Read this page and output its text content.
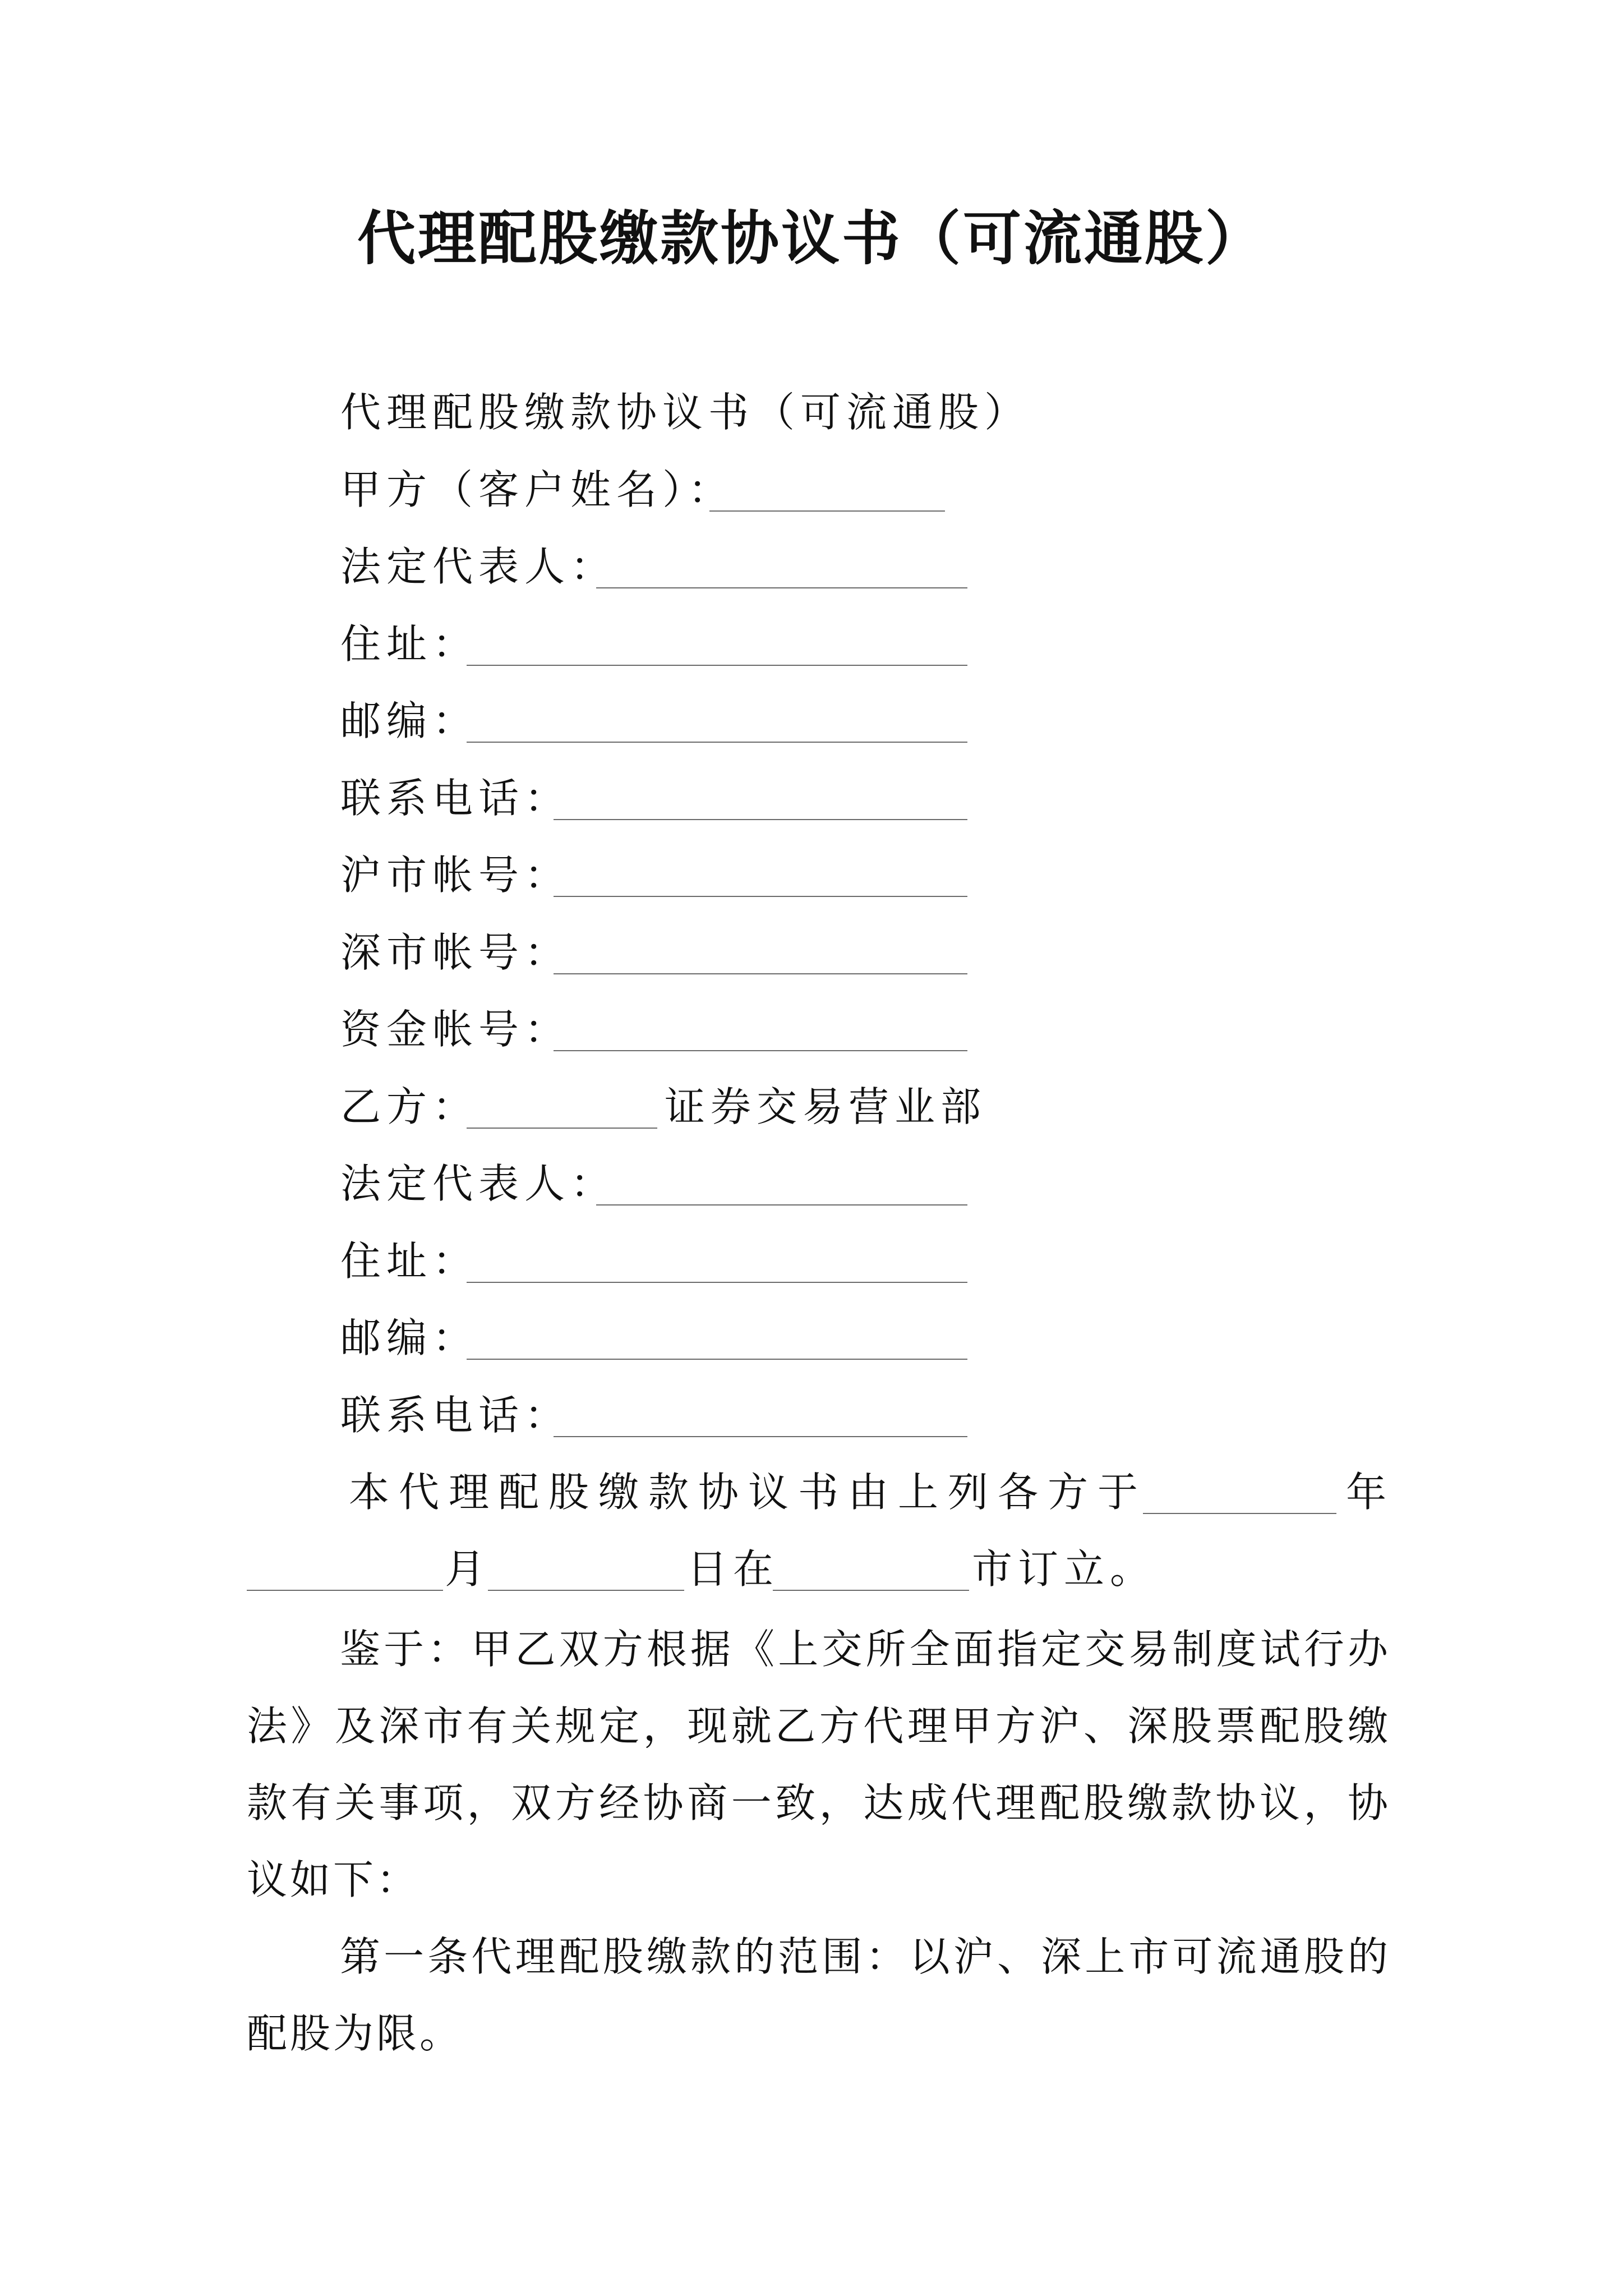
代理配股缴款协议书（可流通股）
代理配股缴款协议书（可流通股）
甲方（客户姓名）：
法定代表人：
住址：
邮编：
联系电话：
沪市帐号：
深市帐号：
资金帐号：
乙方：	证券交易营业部
法定代表人：
住址：
邮编：
联系电话：
本代理配股缴款协议书由上列各方于	年
月	日在	市订立。
鉴于：甲乙双方根据《上交所全面指定交易制度试行办法》及深市有关规定，现就乙方代理甲方沪、深股票配股缴款有关事项，双方经协商一致，达成代理配股缴款协议，协议如下：
第一条代理配股缴款的范围：以沪、深上市可流通股的配股为限。
